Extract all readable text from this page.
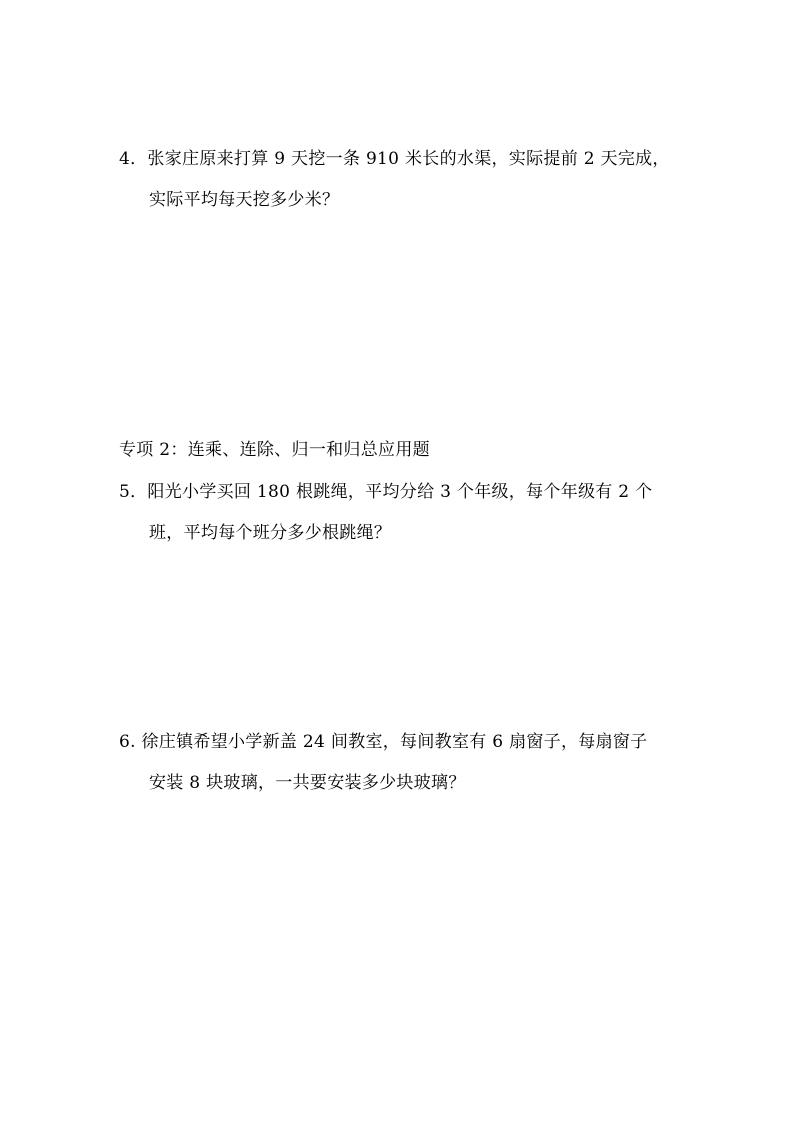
4．张家庄原来打算 9 天挖一条 910 米长的水渠，实际提前 2 天完成，
实际平均每天挖多少米？
专项 2：连乘、连除、归一和归总应用题
5．阳光小学买回 180 根跳绳，平均分给 3 个年级，每个年级有 2 个
班，平均每个班分多少根跳绳？
6. 徐庄镇希望小学新盖 24 间教室，每间教室有 6 扇窗子，每扇窗子
安装 8 块玻璃，一共要安装多少块玻璃？
